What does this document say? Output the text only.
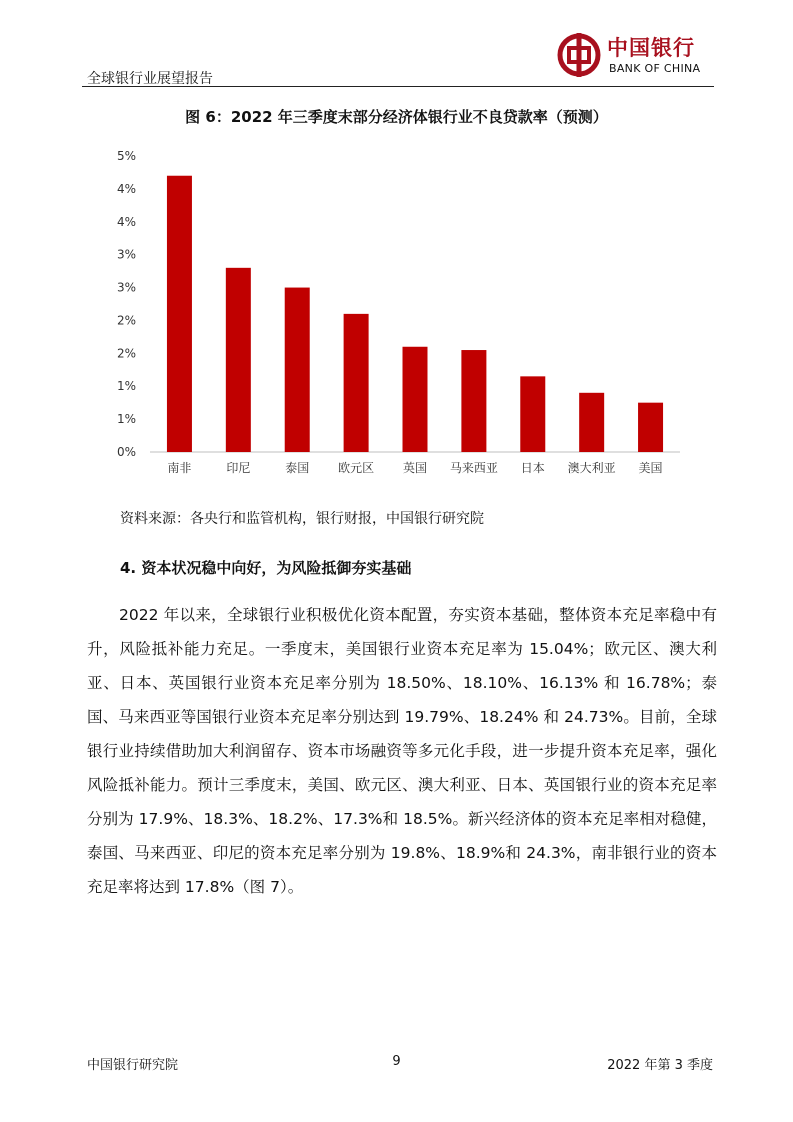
全球银行业展望报告
中国银行
BANK OF CHINA
图 6：2022 年三季度末部分经济体银行业不良贷款率（预测）
0%
1%
1%
2%
2%
3%
3%
4%
4%
5%
南非	印尼	泰国 欧元区 英国 马来西亚 日本 澳大利亚 美国
资料来源：各央行和监管机构，银行财报，中国银行研究院
4. 资本状况稳中向好，为风险抵御夯实基础
2022 年以来，全球银行业积极优化资本配置，夯实资本基础，整体资本充足率稳中有升，风险抵补能力充足。一季度末，美国银行业资本充足率为 15.04%；欧元区、澳大利亚、日本、英国银行业资本充足率分别为 18.50%、18.10%、16.13% 和 16.78%；泰国、马来西亚等国银行业资本充足率分别达到 19.79%、18.24% 和 24.73%。目前，全球银行业持续借助加大利润留存、资本市场融资等多元化手段，进一步提升资本充足率，强化风险抵补能力。预计三季度末，美国、欧元区、澳大利亚、日本、英国银行业的资本充足率分别为 17.9%、18.3%、18.2%、17.3%和 18.5%。新兴经济体的资本充足率相对稳健，泰国、马来西亚、印尼的资本充足率分别为 19.8%、18.9%和 24.3%，南非银行业的资本充足率将达到 17.8%（图 7）。
中国银行研究院	9	2022 年第 3 季度
